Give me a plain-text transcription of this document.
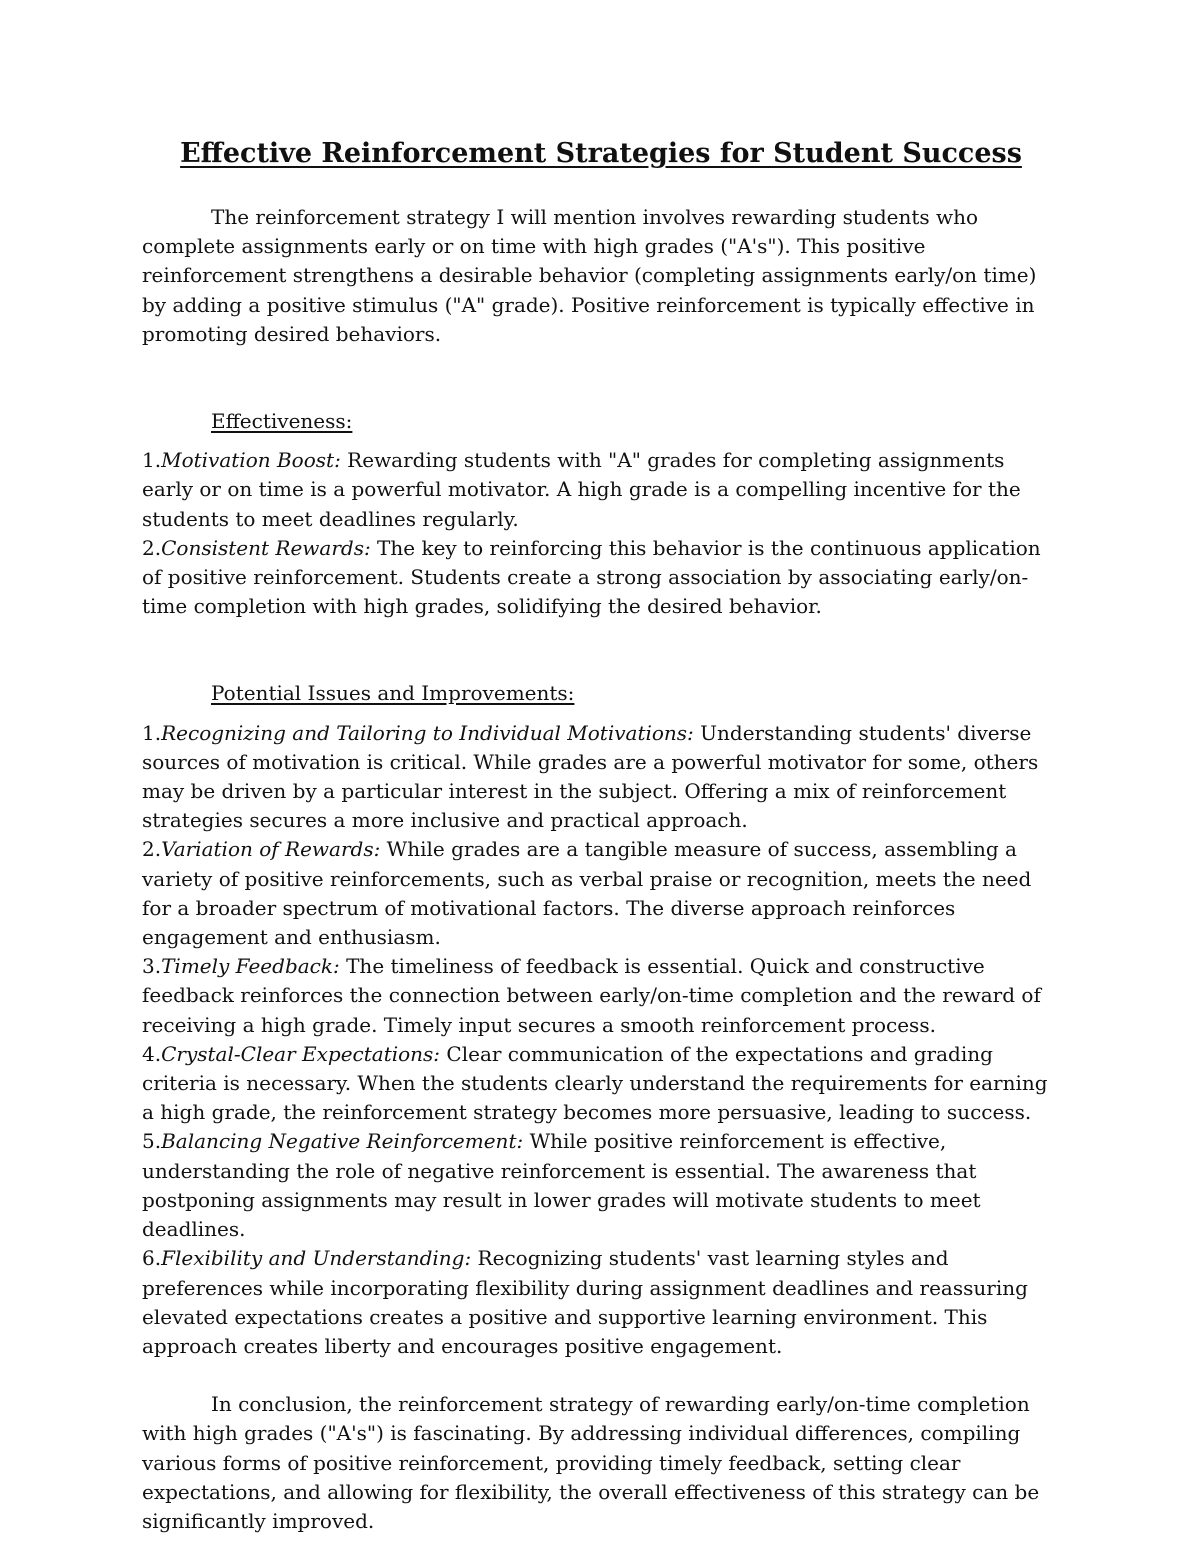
Effective Reinforcement Strategies for Student Success

The reinforcement strategy I will mention involves rewarding students who complete assignments early or on time with high grades ("A's"). This positive reinforcement strengthens a desirable behavior (completing assignments early/on time) by adding a positive stimulus ("A" grade). Positive reinforcement is typically effective in promoting desired behaviors.

Effectiveness:

1.Motivation Boost: Rewarding students with "A" grades for completing assignments early or on time is a powerful motivator. A high grade is a compelling incentive for the students to meet deadlines regularly.

2.Consistent Rewards: The key to reinforcing this behavior is the continuous application of positive reinforcement. Students create a strong association by associating early/on-time completion with high grades, solidifying the desired behavior.

Potential Issues and Improvements:

1.Recognizing and Tailoring to Individual Motivations: Understanding students' diverse sources of motivation is critical. While grades are a powerful motivator for some, others may be driven by a particular interest in the subject. Offering a mix of reinforcement strategies secures a more inclusive and practical approach.

2.Variation of Rewards: While grades are a tangible measure of success, assembling a variety of positive reinforcements, such as verbal praise or recognition, meets the need for a broader spectrum of motivational factors. The diverse approach reinforces engagement and enthusiasm.

3.Timely Feedback: The timeliness of feedback is essential. Quick and constructive feedback reinforces the connection between early/on-time completion and the reward of receiving a high grade. Timely input secures a smooth reinforcement process.

4.Crystal-Clear Expectations: Clear communication of the expectations and grading criteria is necessary. When the students clearly understand the requirements for earning a high grade, the reinforcement strategy becomes more persuasive, leading to success.

5.Balancing Negative Reinforcement: While positive reinforcement is effective, understanding the role of negative reinforcement is essential. The awareness that postponing assignments may result in lower grades will motivate students to meet deadlines.

6.Flexibility and Understanding: Recognizing students' vast learning styles and preferences while incorporating flexibility during assignment deadlines and reassuring elevated expectations creates a positive and supportive learning environment. This approach creates liberty and encourages positive engagement.

In conclusion, the reinforcement strategy of rewarding early/on-time completion with high grades ("A's") is fascinating. By addressing individual differences, compiling various forms of positive reinforcement, providing timely feedback, setting clear expectations, and allowing for flexibility, the overall effectiveness of this strategy can be significantly improved.
